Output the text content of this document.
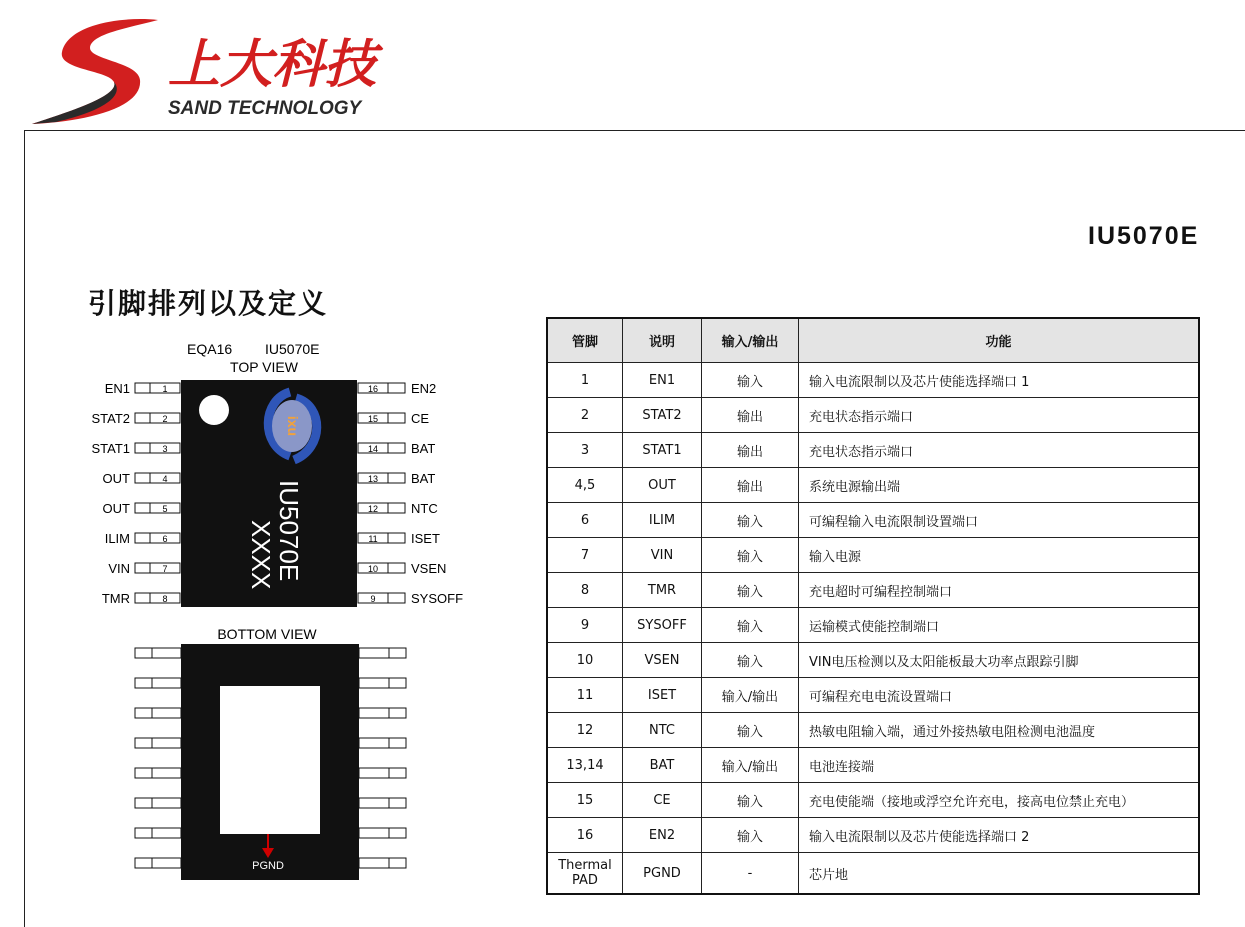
上大科技
SAND TECHNOLOGY
IU5070E
引脚排列以及定义
EQA16 IU5070E
TOP VIEW
ixu
IU5070E
XXXX
1
EN1
2
STAT2
3
STAT1
4
OUT
5
OUT
6
ILIM
7
VIN
8
TMR
16	EN2
15	CE
14	BAT
13	BAT
12	NTC
11	ISET
10	VSEN
9	SYSOFF
BOTTOM VIEW
PGND
管脚	说明	输入/输出	功能
1	EN1	输入	输入电流限制以及芯片使能选择端口 1
2	STAT2	输出	充电状态指示端口
3	STAT1	输出	充电状态指示端口
4,5	OUT	输出	系统电源输出端
6	ILIM	输入	可编程输入电流限制设置端口
7	VIN	输入	输入电源
8	TMR	输入	充电超时可编程控制端口
9	SYSOFF	输入	运输模式使能控制端口
10	VSEN	输入	VIN电压检测以及太阳能板最大功率点跟踪引脚
11	ISET	输入/输出	可编程充电电流设置端口
12	NTC	输入	热敏电阻输入端，通过外接热敏电阻检测电池温度
13,14	BAT	输入/输出	电池连接端
15	CE	输入	充电使能端（接地或浮空允许充电，接高电位禁止充电）
16	EN2	输入	输入电流限制以及芯片使能选择端口 2

Thermal
PAD	PGND	-	芯片地
